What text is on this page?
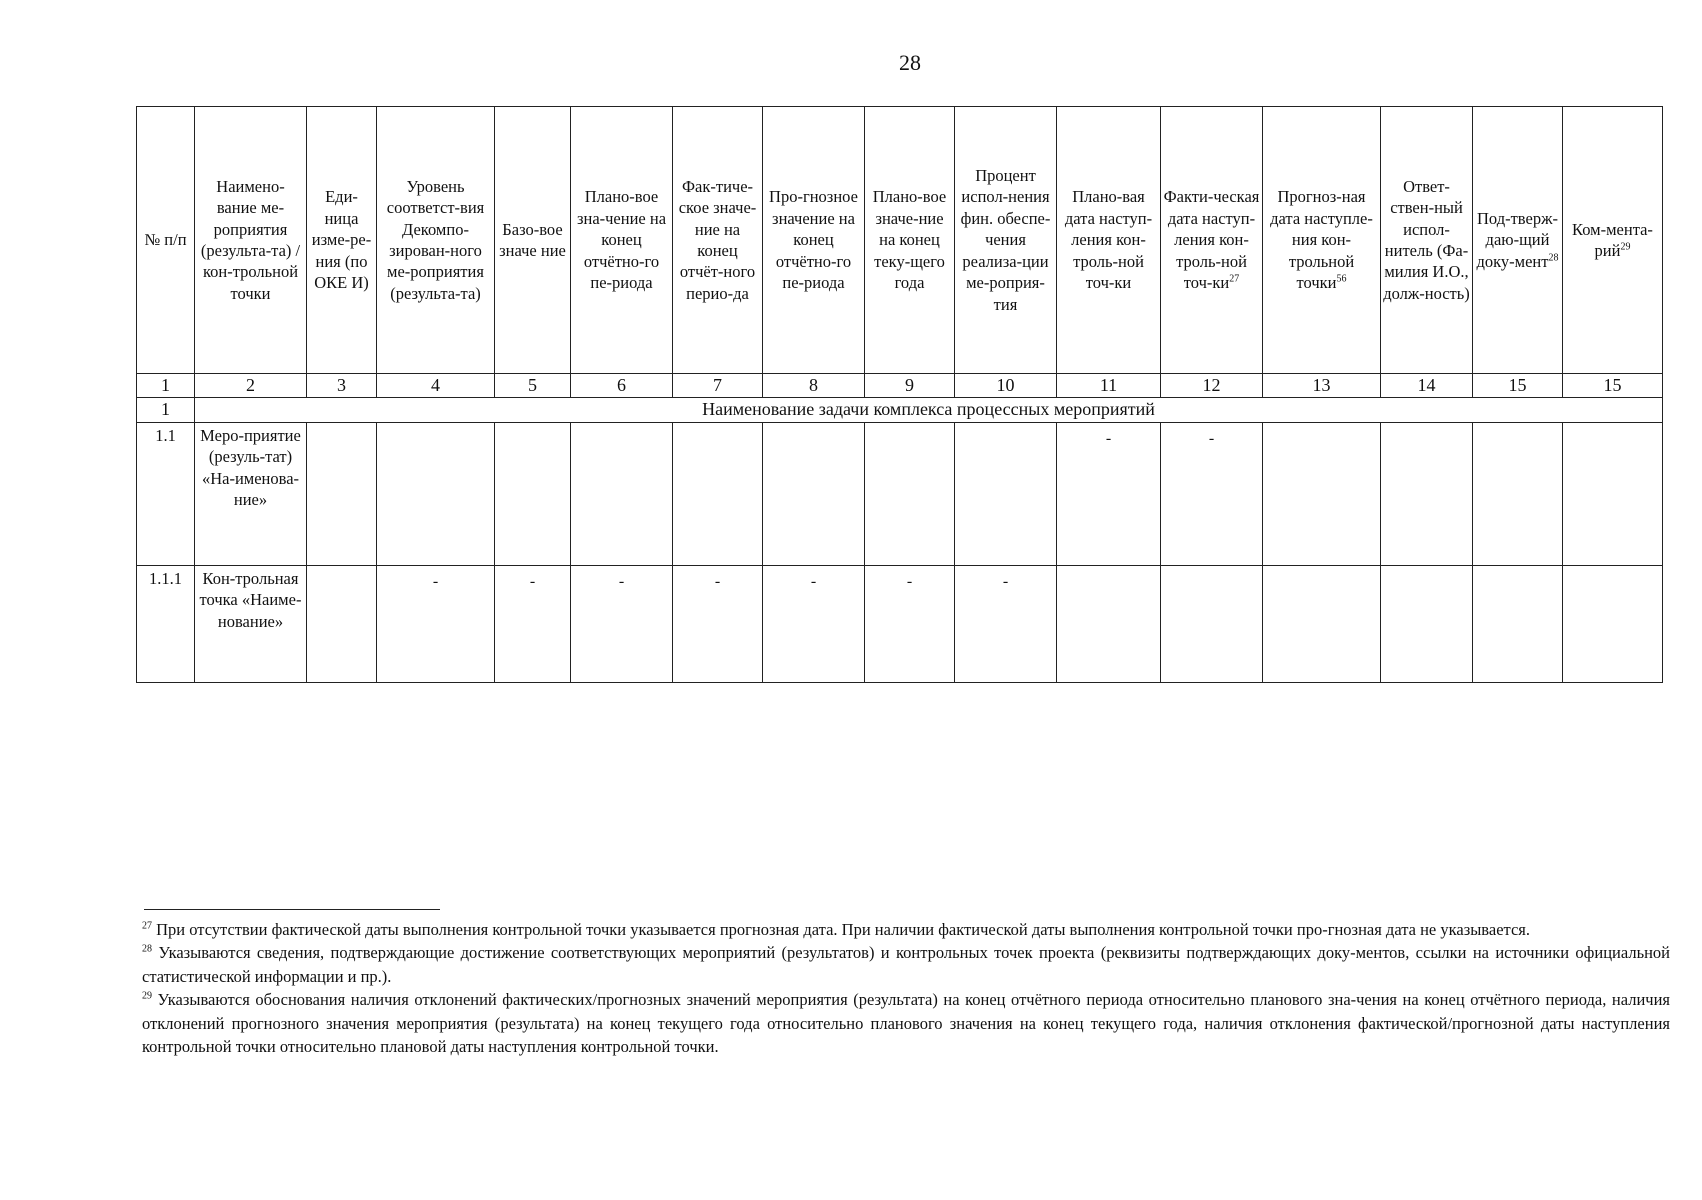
28
№ п/п	Наимено-вание ме-роприятия (результа-та) / кон-трольной точки	Еди-ница изме-ре-ния (по ОКЕ И)	Уровень соответст-вия Декомпо-зирован-ного ме-роприятия (результа-та)	Базо-вое значе ние	Плано-вое зна-чение на конец отчётно-го пе-риода	Фак-тиче-ское значе-ние на конец отчёт-ного перио-да	Про-гнозное значение на конец отчётно-го пе-риода	Плано-вое значе-ние на конец теку-щего года	Процент испол-нения фин. обеспе-чения реализа-ции ме-роприя-тия	Плано-вая дата наступ-ления кон-троль-ной точ-ки	Факти-ческая дата наступ-ления кон-троль-ной точ-$ки^{27}$	Прогноз-ная дата наступле-ния кон-трольной точки$^{56}$	Ответ-ствен-ный испол-нитель (Фа-милия И.О., долж-ность)	Под-тверж-даю-щий доку-мент$^{28}$	Ком-мента-рий$^{29}$
1	2	3	4	5	6	7	8	9	10	11	12	13	14	15	15
1	Наименование задачи комплекса процессных мероприятий														
1.1	Меро-приятие (резуль-тат) «На-именова-ние»									-	-				

1.1.1	Кон-трольная точка «Наиме-нование»		-	-	-	-	-	-	-						

$^{27}$ При отсутствии фактической даты выполнения контрольной точки указывается прогнозная дата. При наличии фактической даты выполнения контрольной точки про-гнозная дата не указывается.

$^{28}$ Указываются сведения, подтверждающие достижение соответствующих мероприятий (результатов) и контрольных точек проекта (реквизиты подтверждающих доку-ментов, ссылки на источники официальной статистической информации и пр.).

$^{29}$ Указываются обоснования наличия отклонений фактических/прогнозных значений мероприятия (результата) на конец отчётного периода относительно планового зна-чения на конец отчётного периода, наличия отклонений прогнозного значения мероприятия (результата) на конец текущего года относительно планового значения на конец текущего года, наличия отклонения фактической/прогнозной даты наступления контрольной точки относительно плановой даты наступления контрольной точки.
